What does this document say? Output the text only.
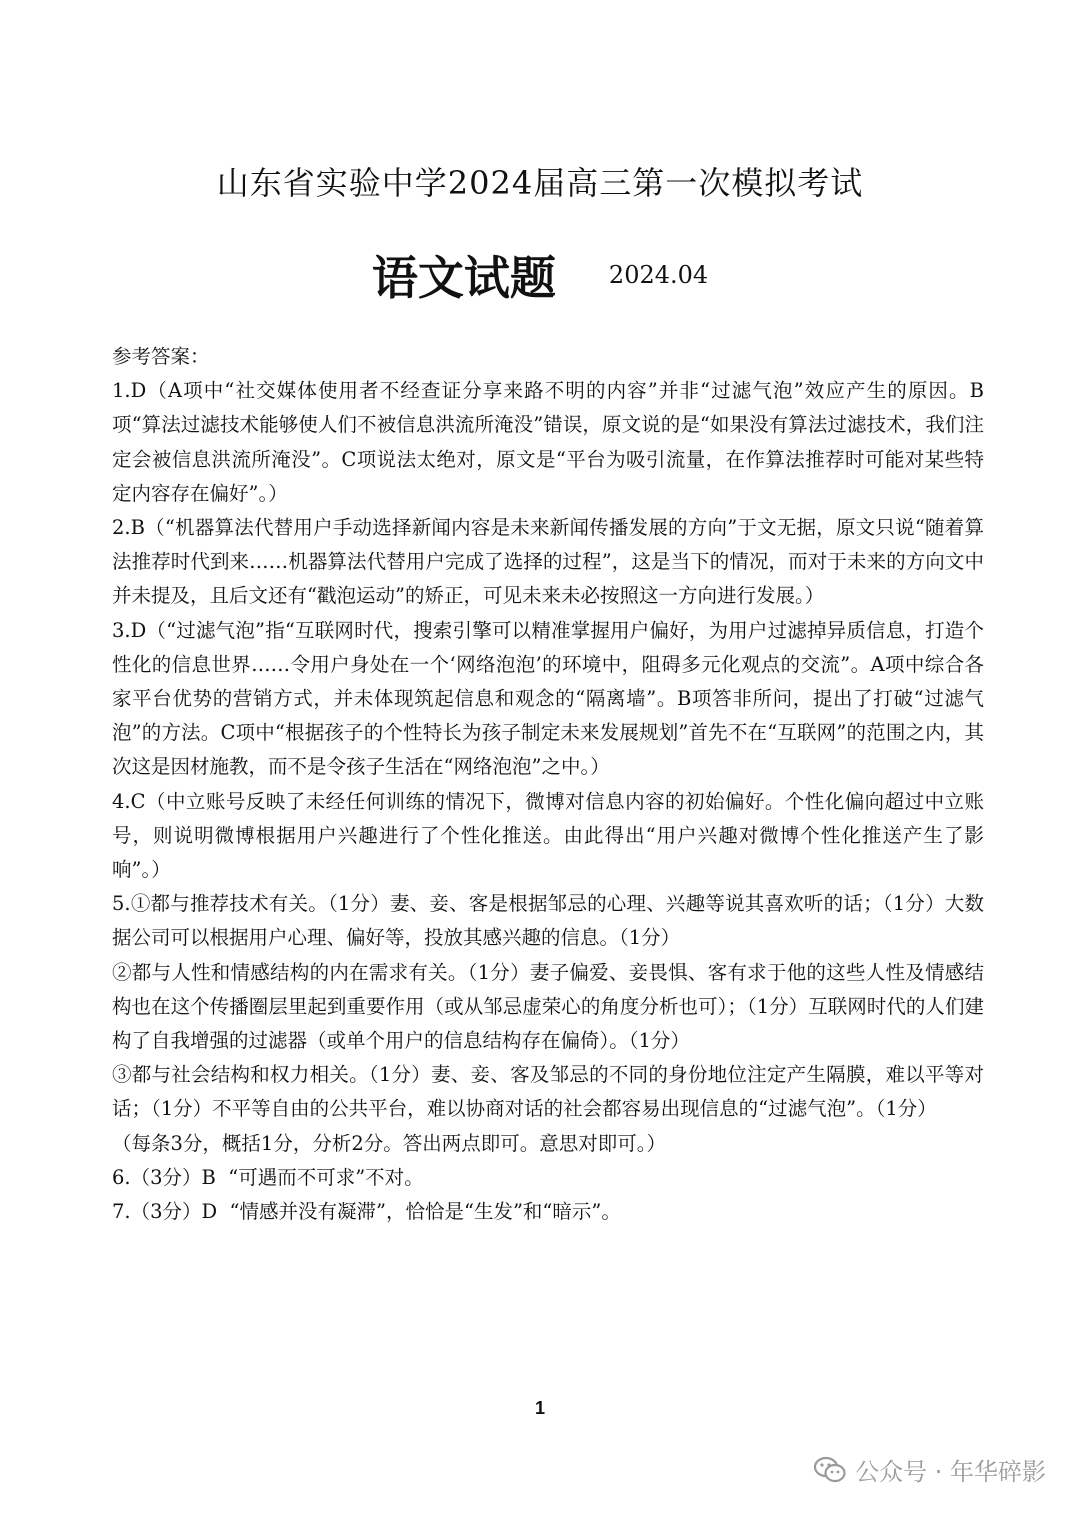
山东省实验中学2024届高三第一次模拟考试
语文试题 2024.04

参考答案：

1.D（A项中“社交媒体使用者不经查证分享来路不明的内容”并非“过滤气泡”效应产生的原因。B项“算法过滤技术能够使人们不被信息洪流所淹没”错误，原文说的是“如果没有算法过滤技术，我们注定会被信息洪流所淹没”。C项说法太绝对，原文是“平台为吸引流量，在作算法推荐时可能对某些特定内容存在偏好”。）

2.B（“机器算法代替用户手动选择新闻内容是未来新闻传播发展的方向”于文无据，原文只说“随着算法推荐时代到来……机器算法代替用户完成了选择的过程”，这是当下的情况，而对于未来的方向文中并未提及，且后文还有“戳泡运动”的矫正，可见未来未必按照这一方向进行发展。）

3.D（“过滤气泡”指“互联网时代，搜索引擎可以精准掌握用户偏好，为用户过滤掉异质信息，打造个性化的信息世界……令用户身处在一个‘网络泡泡’的环境中，阻碍多元化观点的交流”。A项中综合各家平台优势的营销方式，并未体现筑起信息和观念的“隔离墙”。B项答非所问，提出了打破“过滤气泡”的方法。C项中“根据孩子的个性特长为孩子制定未来发展规划”首先不在“互联网”的范围之内，其次这是因材施教，而不是令孩子生活在“网络泡泡”之中。）

4.C（中立账号反映了未经任何训练的情况下，微博对信息内容的初始偏好。个性化偏向超过中立账号，则说明微博根据用户兴趣进行了个性化推送。由此得出“用户兴趣对微博个性化推送产生了影响”。）

5.①都与推荐技术有关。（1分）妻、妾、客是根据邹忌的心理、兴趣等说其喜欢听的话；（1分）大数据公司可以根据用户心理、偏好等，投放其感兴趣的信息。（1分）

②都与人性和情感结构的内在需求有关。（1分）妻子偏爱、妾畏惧、客有求于他的这些人性及情感结构也在这个传播圈层里起到重要作用（或从邹忌虚荣心的角度分析也可）；（1分）互联网时代的人们建构了自我增强的过滤器（或单个用户的信息结构存在偏倚）。（1分）

③都与社会结构和权力相关。（1分）妻、妾、客及邹忌的不同的身份地位注定产生隔膜，难以平等对话；（1分）不平等自由的公共平台，难以协商对话的社会都容易出现信息的“过滤气泡”。（1分）

（每条3分，概括1分，分析2分。答出两点即可。意思对即可。）

6.（3分）B  “可遇而不可求”不对。

7.（3分）D  “情感并没有凝滞”，恰恰是“生发”和“暗示”。

1
公众号 · 年华碎影
